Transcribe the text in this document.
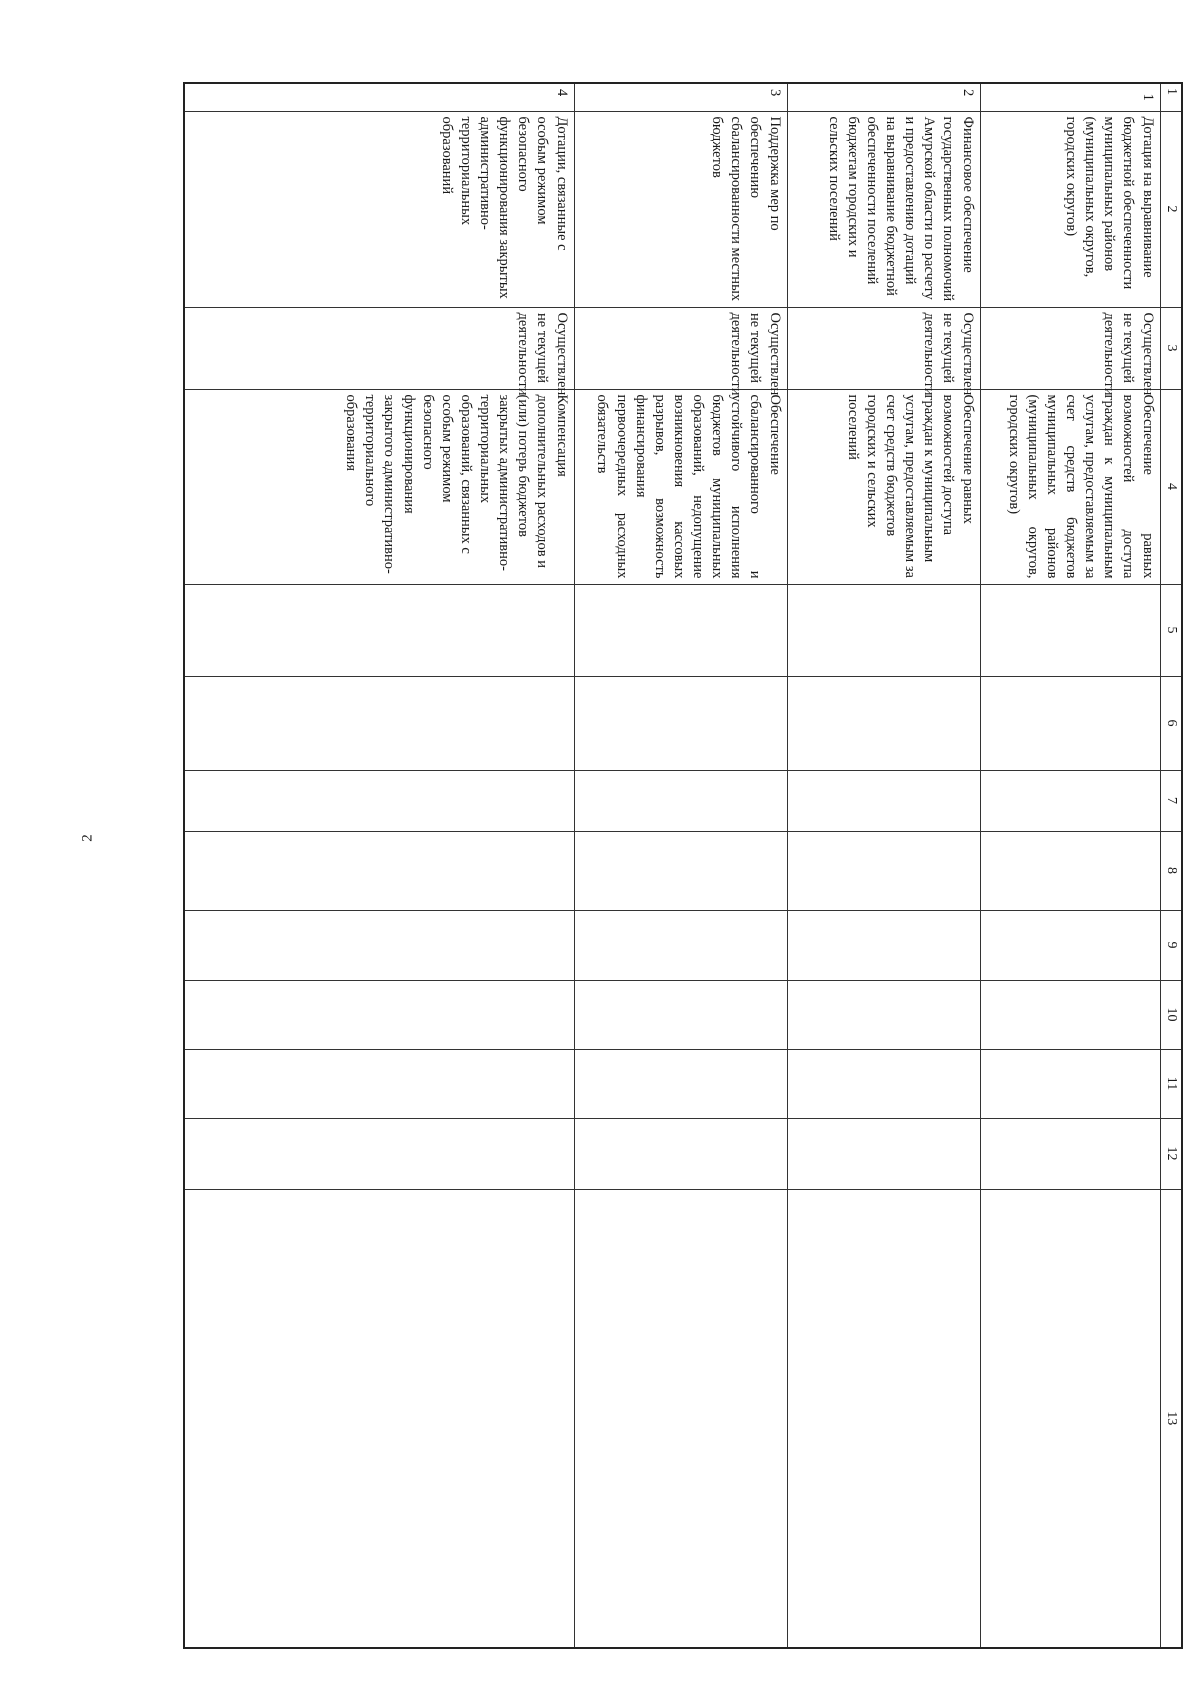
2
1	2	3	4	5	6	7	8	9	10	11	12	13
1	Дотация на выравнивание бюджетной обеспеченности муниципальных районов (муниципальных округов, городских округов)	Осуществлен не текущей деятельности	Обеспечение равных возможностей доступа граждан к муниципальным услугам, предоставляемым за счет средств бюджетов муниципальных районов (муниципальных округов, городских округов)									
2	Финансовое обеспечение государственных полномочий Амурской области по расчету и предоставлению дотаций на выравнивание бюджетной обеспеченности поселений бюджетам городских и сельских поселений	Осуществлен не текущей деятельности	Обеспечение равных возможностей доступа граждан к муниципальным услугам, предоставляемым за счет средств бюджетов городских и сельских поселений									
3	Поддержка мер по обеспечению сбалансированности местных бюджетов	Осуществлен не текущей деятельности	Обеспечение сбалансированного и устойчивого исполнения бюджетов муниципальных образований, недопущение возникновения кассовых разрывов, возможность финансирования первоочередных расходных обязательств									
4	Дотации, связанные с особым режимом безопасного функционирования закрытых административно-территориальных образований	Осуществлен не текущей деятельности	Компенсация дополнительных расходов и (или) потерь бюджетов закрытых административно-территориальных образований, связанных с особым режимом безопасного функционирования закрытого административно-территориального образования									
